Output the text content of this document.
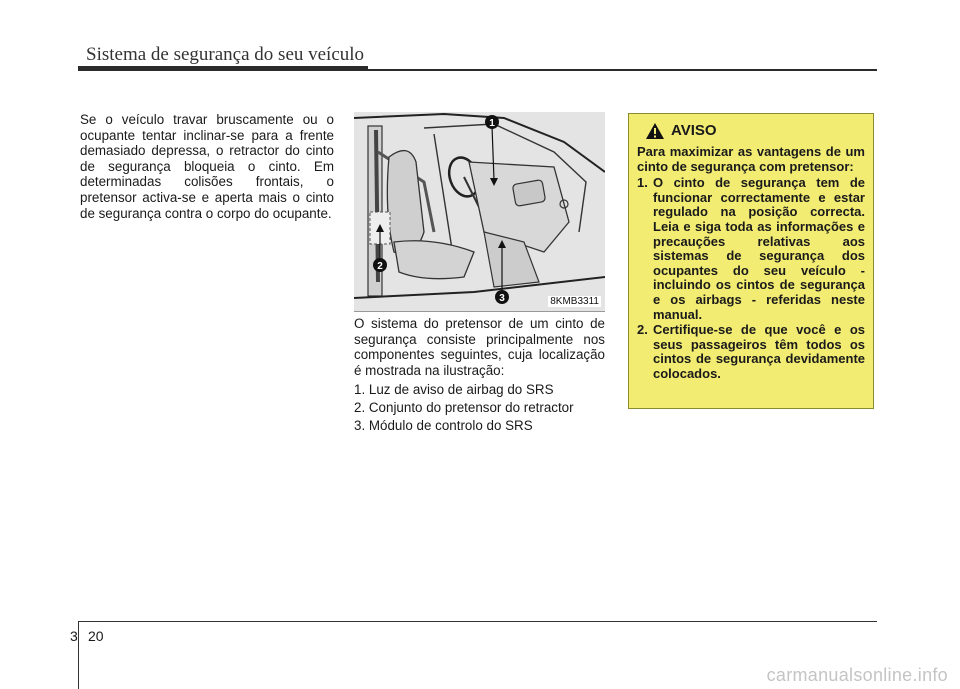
Sistema de segurança do seu veículo
Se o veículo travar bruscamente ou o ocupante tentar inclinar-se para a frente demasiado depressa, o retractor do cinto de segurança bloqueia o cinto. Em determinadas colisões frontais, o pretensor activa-se e aperta mais o cinto de segurança contra o corpo do ocupante.
1
2
3	8KMB3311
O sistema do pretensor de um cinto de segurança consiste principalmente nos componentes seguintes, cuja localização é mostrada na ilustração:
1. Luz de aviso de airbag do SRS
2. Conjunto do pretensor do retractor
3. Módulo de controlo do SRS
AVISO
Para maximizar as vantagens de um cinto de segurança com pretensor:
1. O cinto de segurança tem de funcionar correctamente e estar regulado na posição correcta. Leia e siga toda as informações e precauções relativas aos sistemas de segurança dos ocupantes do seu veículo - incluindo os cintos de segurança e os airbags - referidas neste manual.
2. Certifique-se de que você e os seus passageiros têm todos os cintos de segurança devidamente colocados.
3 20
carmanualsonline.info
